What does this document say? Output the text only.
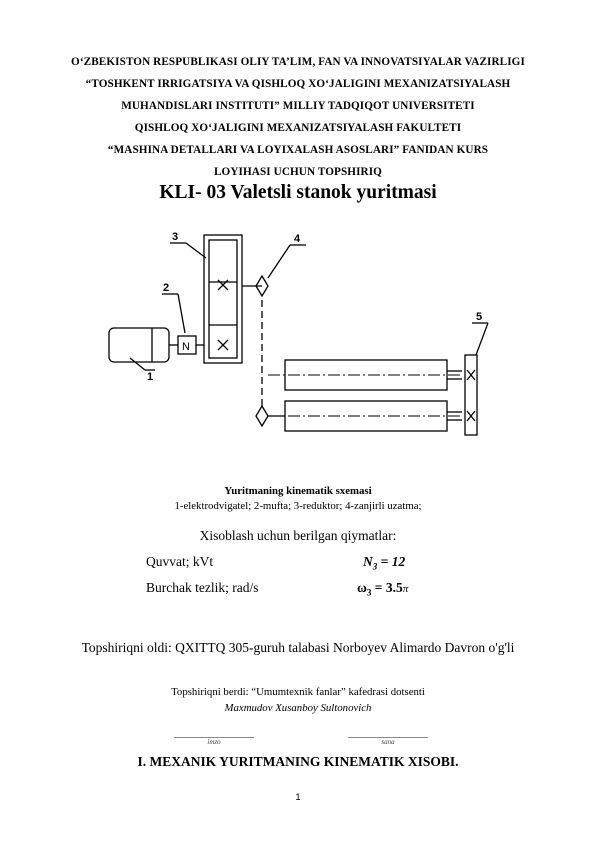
O‘ZBEKISTON RESPUBLIKASI OLIY TA’LIM, FAN VA INNOVATSIYALAR VAZIRLIGI
“TOSHKENT IRRIGATSIYA VA QISHLOQ XO‘JALIGINI MEXANIZATSIYALASH
MUHANDISLARI INSTITUTI” MILLIY TADQIQOT UNIVERSITETI
QISHLOQ XO‘JALIGINI MEXANIZATSIYALASH FAKULTETI
“MASHINA DETALLARI VA LOYIXALASH ASOSLARI” FANIDAN KURS
LOYIHASI UCHUN TOPSHIRIQ
KLI- 03 Valetsli stanok yuritmasi
N
3
2
1
4
5
Yuritmaning kinematik sxemasi
1-elektrodvigatel; 2-mufta; 3-reduktor; 4-zanjirli uzatma;
Xisoblash uchun berilgan qiymatlar:
Quvvat; kVt	$N_3 = 12$
Burchak tezlik; rad/s	$\omega_3 = 3.5\pi$
Topshiriqni oldi: QXITTQ 305-guruh talabasi Norboyev Alimardo Davron o'g'li
Topshiriqni berdi: “Umumtexnik fanlar” kafedrasi dotsenti
Maxmudov Xusanboy Sultonovich
imzo	sana
I. MEXANIK YURITMANING KINEMATIK XISOBI.
1
